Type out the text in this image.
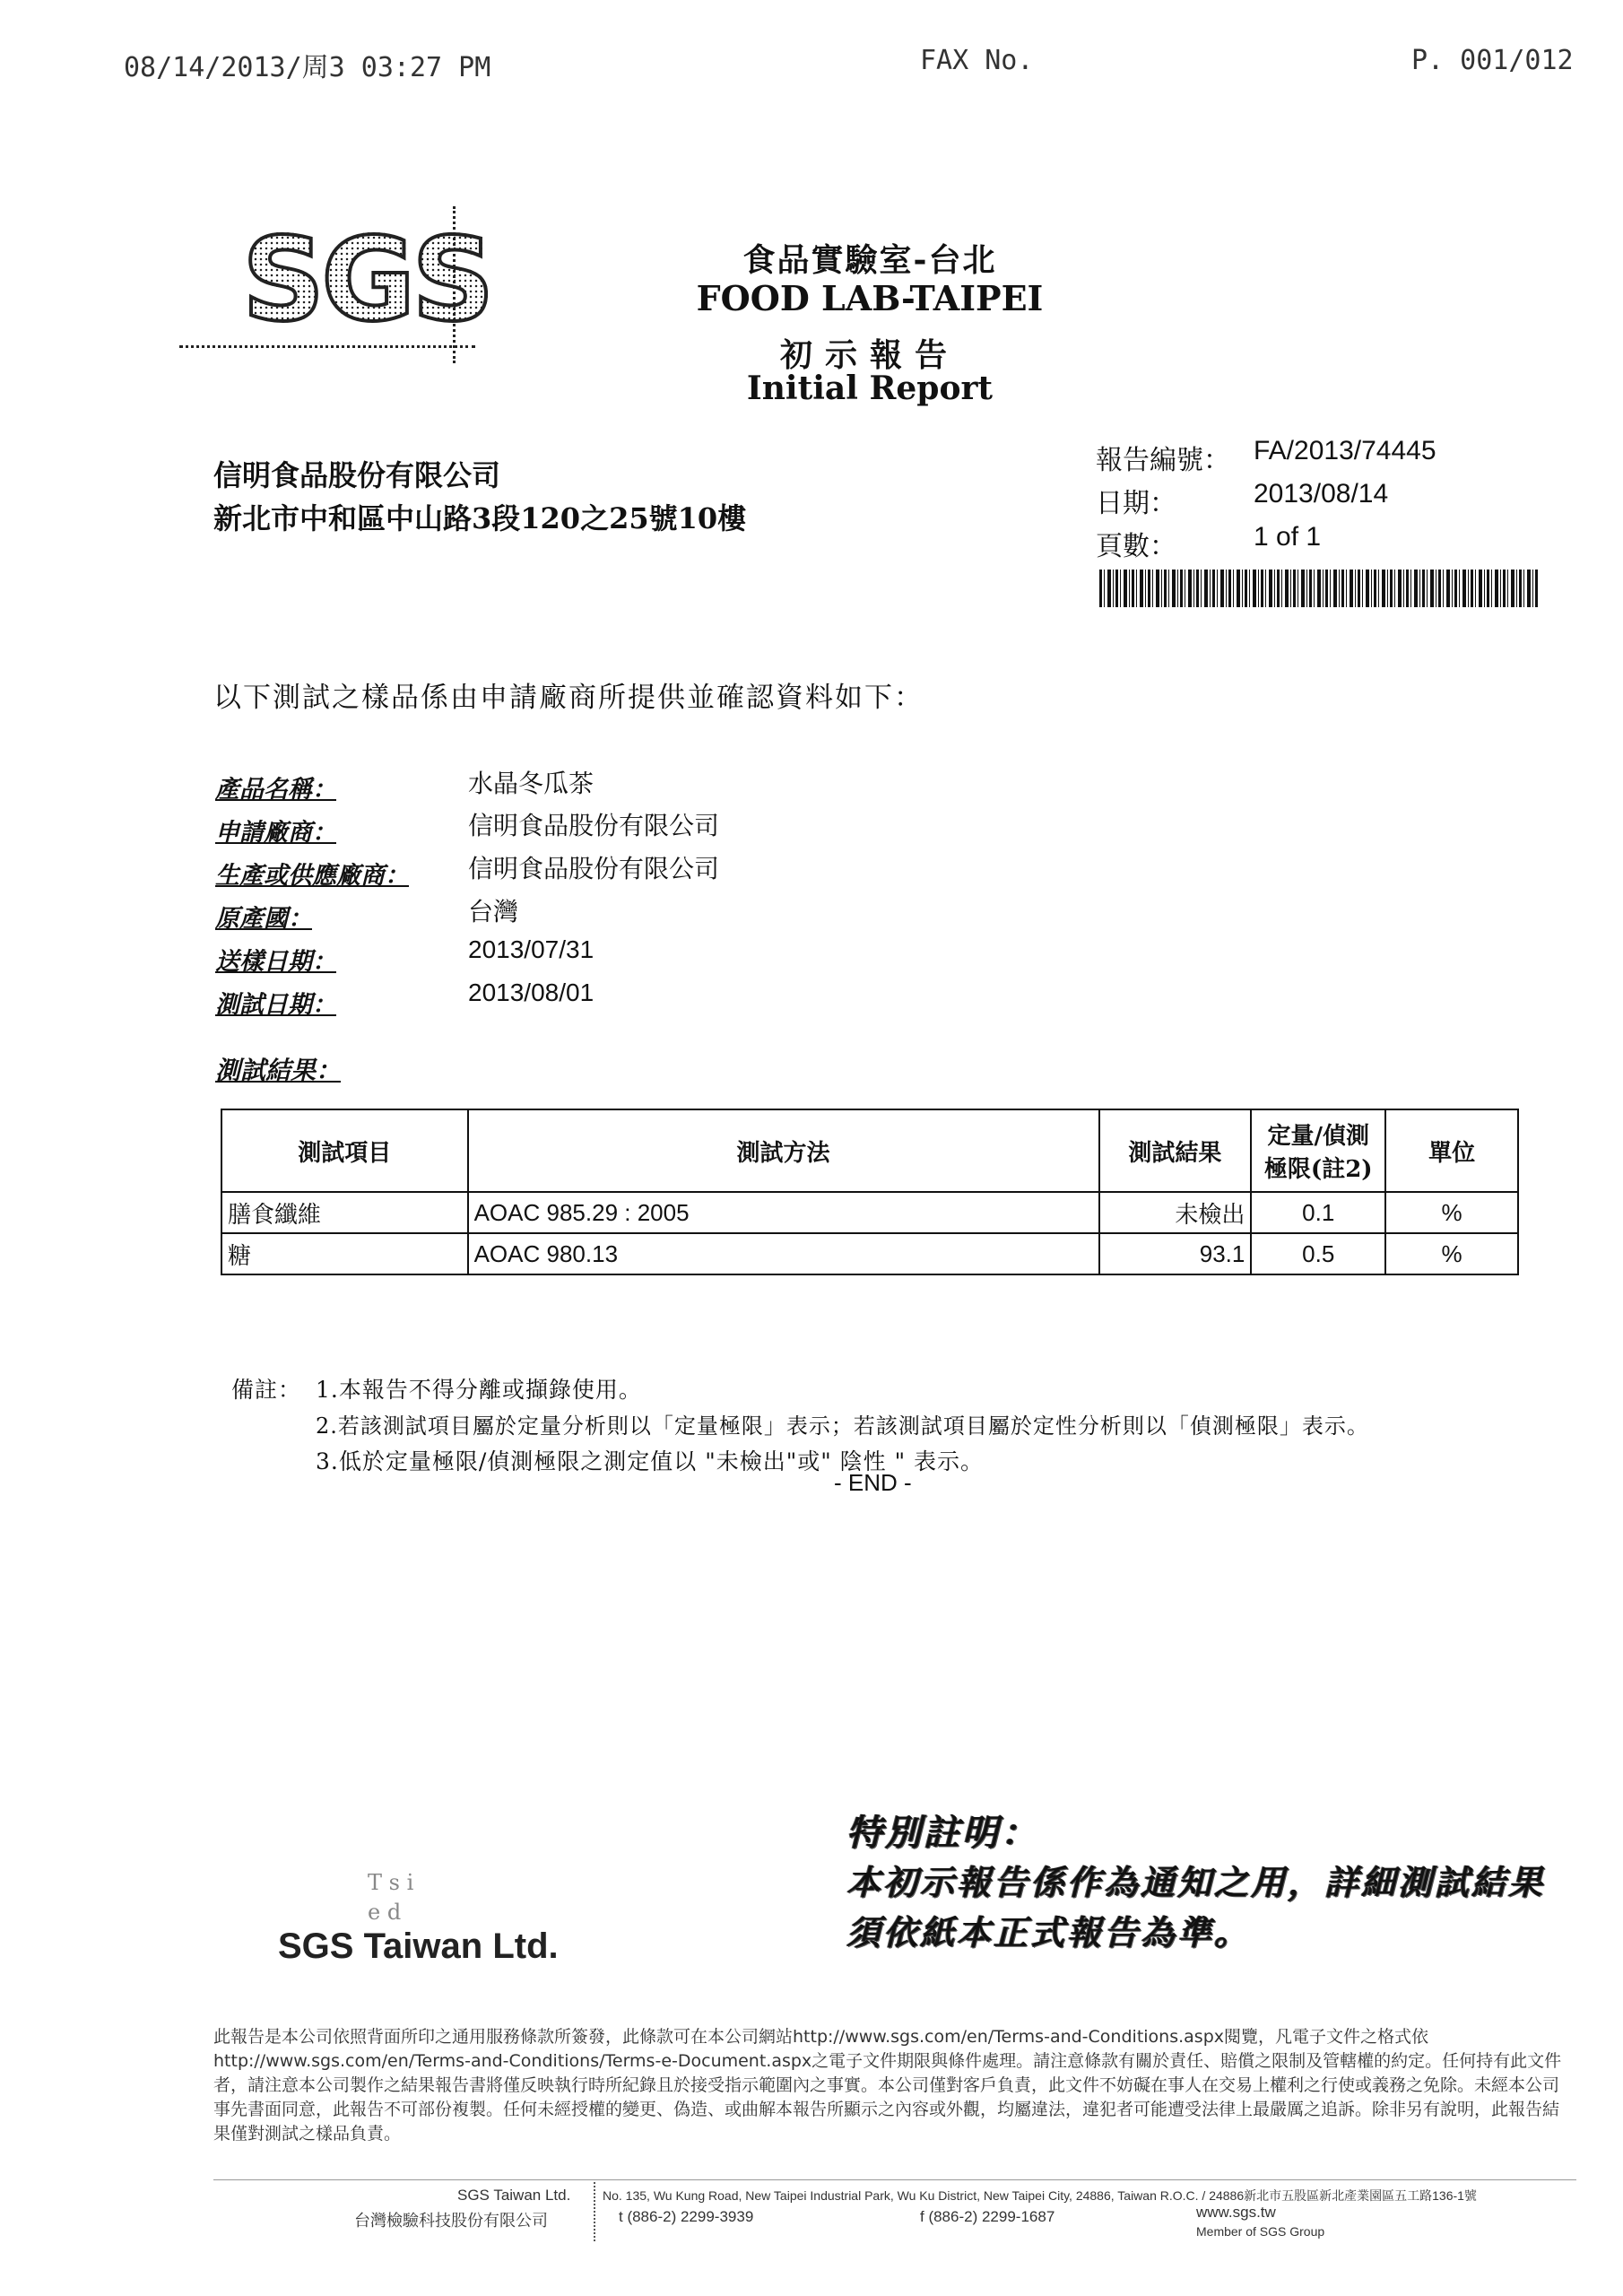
08/14/2013/周3 03:27 PM	FAX No.	P. 001/012
SGS	食品實驗室-台北
FOOD LAB-TAIPEI
初示報告
Initial Report
信明食品股份有限公司
新北市中和區中山路3段120之25號10樓
報告編號： FA/2013/74445
日期：	2013/08/14
頁數：	1 of 1
以下測試之樣品係由申請廠商所提供並確認資料如下：
產品名稱：	水晶冬瓜茶
申請廠商：	信明食品股份有限公司
生產或供應廠商： 信明食品股份有限公司
原產國：	台灣
送樣日期：	2013/07/31
測試日期：	2013/08/01
測試結果：
測試項目	測試方法	測試結果	定量/偵測極限(註2)	單位
膳食纖維	AOAC 985.29 : 2005	未檢出	0.1	%
糖	AOAC 980.13	93.1	0.5	%
備註： 1.本報告不得分離或擷錄使用。
2.若該測試項目屬於定量分析則以「定量極限」表示；若該測試項目屬於定性分析則以「偵測極限」表示。
3.低於定量極限/偵測極限之測定值以 "未檢出"或" 陰性 " 表示。
- END -
特別註明：
本初示報告係作為通知之用，詳細測試結果
須依紙本正式報告為準。
T s i
e d
SGS Taiwan Ltd.
此報告是本公司依照背面所印之通用服務條款所簽發，此條款可在本公司網站http://www.sgs.com/en/Terms-and-Conditions.aspx閱覽，凡電子文件之格式依http://www.sgs.com/en/Terms-and-Conditions/Terms-e-Document.aspx之電子文件期限與條件處理。請注意條款有關於責任、賠償之限制及管轄權的約定。任何持有此文件者，請注意本公司製作之結果報告書將僅反映執行時所紀錄且於接受指示範圍內之事實。本公司僅對客戶負責，此文件不妨礙在事人在交易上權利之行使或義務之免除。未經本公司事先書面同意，此報告不可部份複製。任何未經授權的變更、偽造、或曲解本報告所顯示之內容或外觀，均屬違法，違犯者可能遭受法律上最嚴厲之追訴。除非另有說明，此報告結果僅對測試之樣品負責。
SGS Taiwan Ltd.
台灣檢驗科技股份有限公司
No. 135, Wu Kung Road, New Taipei Industrial Park, Wu Ku District, New Taipei City, 24886, Taiwan R.O.C. / 24886新北市五股區新北產業園區五工路136-1號
t (886-2) 2299-3939	f (886-2) 2299-1687	www.sgs.tw
Member of SGS Group
